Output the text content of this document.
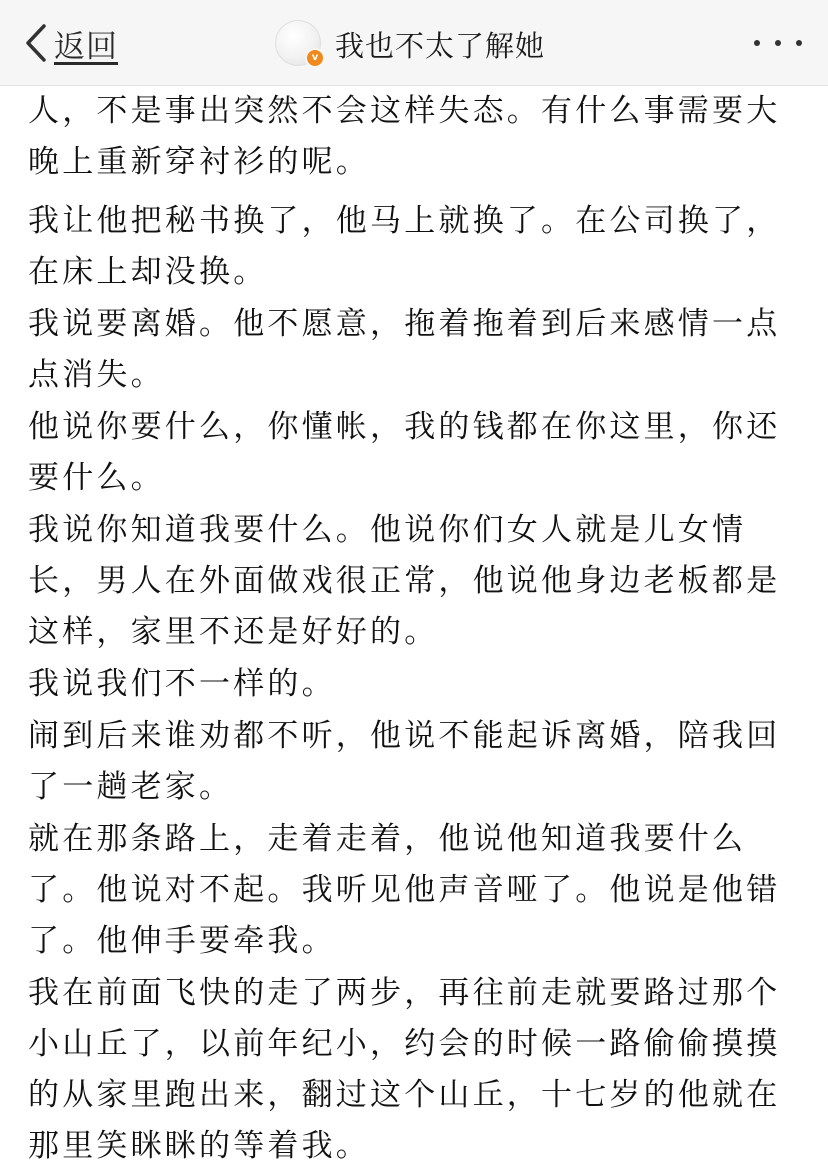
返回	v 我也不太了解她

人，不是事出突然不会这样失态。有什么事需要大晚上重新穿衬衫的呢。

我让他把秘书换了，他马上就换了。在公司换了，在床上却没换。

我说要离婚。他不愿意，拖着拖着到后来感情一点点消失。

他说你要什么，你懂帐，我的钱都在你这里，你还要什么。

我说你知道我要什么。他说你们女人就是儿女情长，男人在外面做戏很正常，他说他身边老板都是这样，家里不还是好好的。

我说我们不一样的。

闹到后来谁劝都不听，他说不能起诉离婚，陪我回了一趟老家。

就在那条路上，走着走着，他说他知道我要什么了。他说对不起。我听见他声音哑了。他说是他错了。他伸手要牵我。

我在前面飞快的走了两步，再往前走就要路过那个小山丘了，以前年纪小，约会的时候一路偷偷摸摸的从家里跑出来，翻过这个山丘，十七岁的他就在那里笑眯眯的等着我。
